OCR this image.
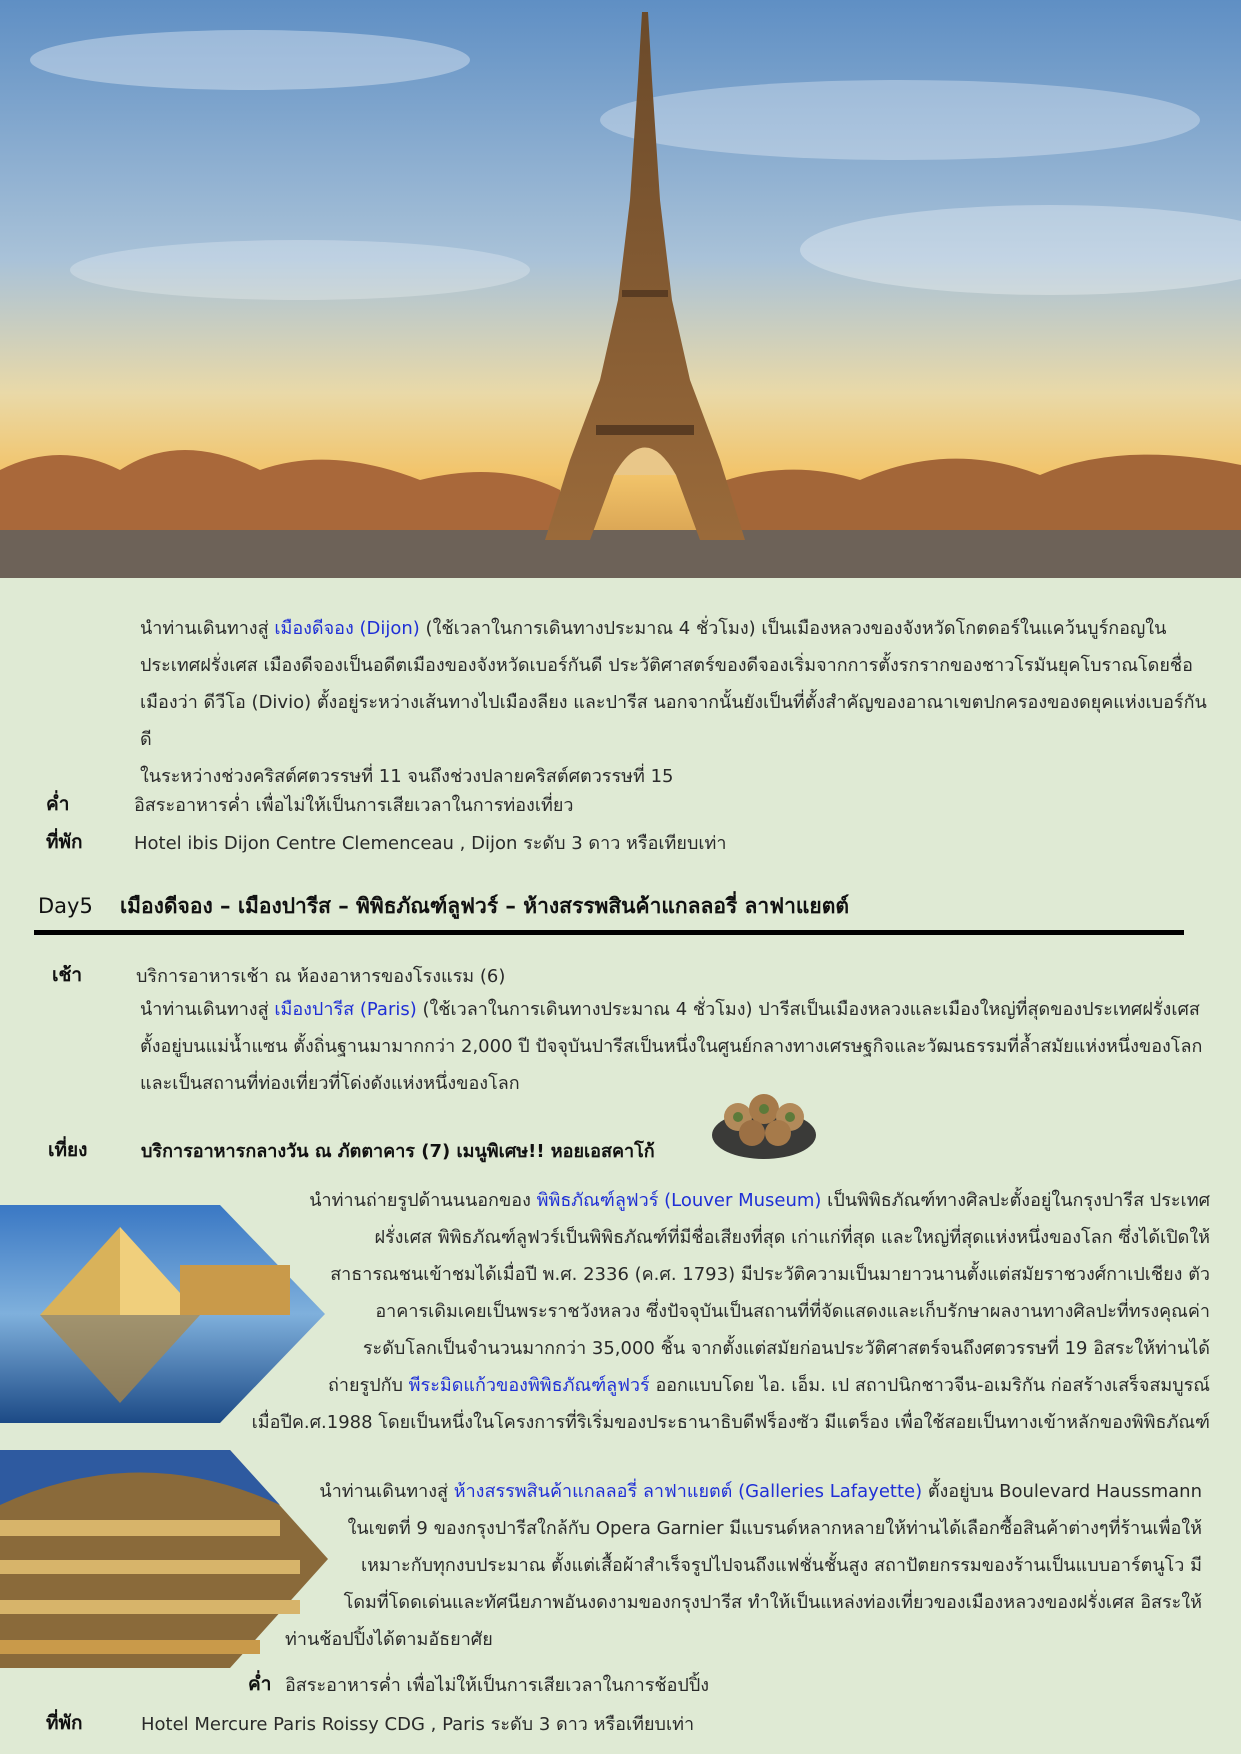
นำท่านเดินทางสู่ เมืองดีจอง (Dijon) (ใช้เวลาในการเดินทางประมาณ 4 ชั่วโมง) เป็นเมืองหลวงของจังหวัดโกตดอร์ในแคว้นบูร์กอญใน
ประเทศฝรั่งเศส เมืองดีจองเป็นอดีตเมืองของจังหวัดเบอร์กันดี ประวัติศาสตร์ของดีจองเริ่มจากการตั้งรกรากของชาวโรมันยุคโบราณโดยชื่อ
เมืองว่า ดีวีโอ (Divio) ตั้งอยู่ระหว่างเส้นทางไปเมืองลียง และปารีส นอกจากนั้นยังเป็นที่ตั้งสำคัญของอาณาเขตปกครองของดยุคแห่งเบอร์กันดี
ในระหว่างช่วงคริสต์ศตวรรษที่ 11 จนถึงช่วงปลายคริสต์ศตวรรษที่ 15
ค่ำ	อิสระอาหารค่ำ เพื่อไม่ให้เป็นการเสียเวลาในการท่องเที่ยว
ที่พัก	Hotel ibis Dijon Centre Clemenceau , Dijon ระดับ 3 ดาว หรือเทียบเท่า
Day5 เมืองดีจอง – เมืองปารีส – พิพิธภัณฑ์ลูฟวร์ – ห้างสรรพสินค้าแกลลอรี่ ลาฟาแยตต์
เช้า	บริการอาหารเช้า ณ ห้องอาหารของโรงแรม (6)
นำท่านเดินทางสู่ เมืองปารีส (Paris) (ใช้เวลาในการเดินทางประมาณ 4 ชั่วโมง) ปารีสเป็นเมืองหลวงและเมืองใหญ่ที่สุดของประเทศฝรั่งเศส
ตั้งอยู่บนแม่น้ำแซน ตั้งถิ่นฐานมามากกว่า 2,000 ปี ปัจจุบันปารีสเป็นหนึ่งในศูนย์กลางทางเศรษฐกิจและวัฒนธรรมที่ล้ำสมัยแห่งหนึ่งของโลก
และเป็นสถานที่ท่องเที่ยวที่โด่งดังแห่งหนึ่งของโลก
เที่ยง	บริการอาหารกลางวัน ณ ภัตตาคาร (7) เมนูพิเศษ!! หอยเอสคาโก้
นำท่านถ่ายรูปด้านนนอกของ พิพิธภัณฑ์ลูฟวร์ (Louver Museum) เป็นพิพิธภัณฑ์ทางศิลปะตั้งอยู่ในกรุงปารีส ประเทศ
ฝรั่งเศส พิพิธภัณฑ์ลูฟวร์เป็นพิพิธภัณฑ์ที่มีชื่อเสียงที่สุด เก่าแก่ที่สุด และใหญ่ที่สุดแห่งหนึ่งของโลก ซึ่งได้เปิดให้
สาธารณชนเข้าชมได้เมื่อปี พ.ศ. 2336 (ค.ศ. 1793) มีประวัติความเป็นมายาวนานตั้งแต่สมัยราชวงศ์กาเปเชียง ตัว
อาคารเดิมเคยเป็นพระราชวังหลวง ซึ่งปัจจุบันเป็นสถานที่ที่จัดแสดงและเก็บรักษาผลงานทางศิลปะที่ทรงคุณค่า
ระดับโลกเป็นจำนวนมากกว่า 35,000 ชิ้น จากตั้งแต่สมัยก่อนประวัติศาสตร์จนถึงศตวรรษที่ 19 อิสระให้ท่านได้
ถ่ายรูปกับ พีระมิดแก้วของพิพิธภัณฑ์ลูฟวร์ ออกแบบโดย ไอ. เอ็ม. เป สถาปนิกชาวจีน-อเมริกัน ก่อสร้างเสร็จสมบูรณ์
เมื่อปีค.ศ.1988 โดยเป็นหนึ่งในโครงการที่ริเริ่มของประธานาธิบดีฟร็องซัว มีแตร็อง เพื่อใช้สอยเป็นทางเข้าหลักของพิพิธภัณฑ์
นำท่านเดินทางสู่ ห้างสรรพสินค้าแกลลอรี่ ลาฟาแยตต์ (Galleries Lafayette) ตั้งอยู่บน Boulevard Haussmann
ในเขตที่ 9 ของกรุงปารีสใกล้กับ Opera Garnier มีแบรนด์หลากหลายให้ท่านได้เลือกซื้อสินค้าต่างๆที่ร้านเพื่อให้
เหมาะกับทุกงบประมาณ ตั้งแต่เสื้อผ้าสำเร็จรูปไปจนถึงแฟชั่นชั้นสูง สถาปัตยกรรมของร้านเป็นแบบอาร์ตนูโว มี
โดมที่โดดเด่นและทัศนียภาพอันงดงามของกรุงปารีส ทำให้เป็นแหล่งท่องเที่ยวของเมืองหลวงของฝรั่งเศส อิสระให้
ท่านช้อปปิ้งได้ตามอัธยาศัย
ค่ำ อิสระอาหารค่ำ เพื่อไม่ให้เป็นการเสียเวลาในการช้อปปิ้ง
ที่พัก	Hotel Mercure Paris Roissy CDG , Paris ระดับ 3 ดาว หรือเทียบเท่า
